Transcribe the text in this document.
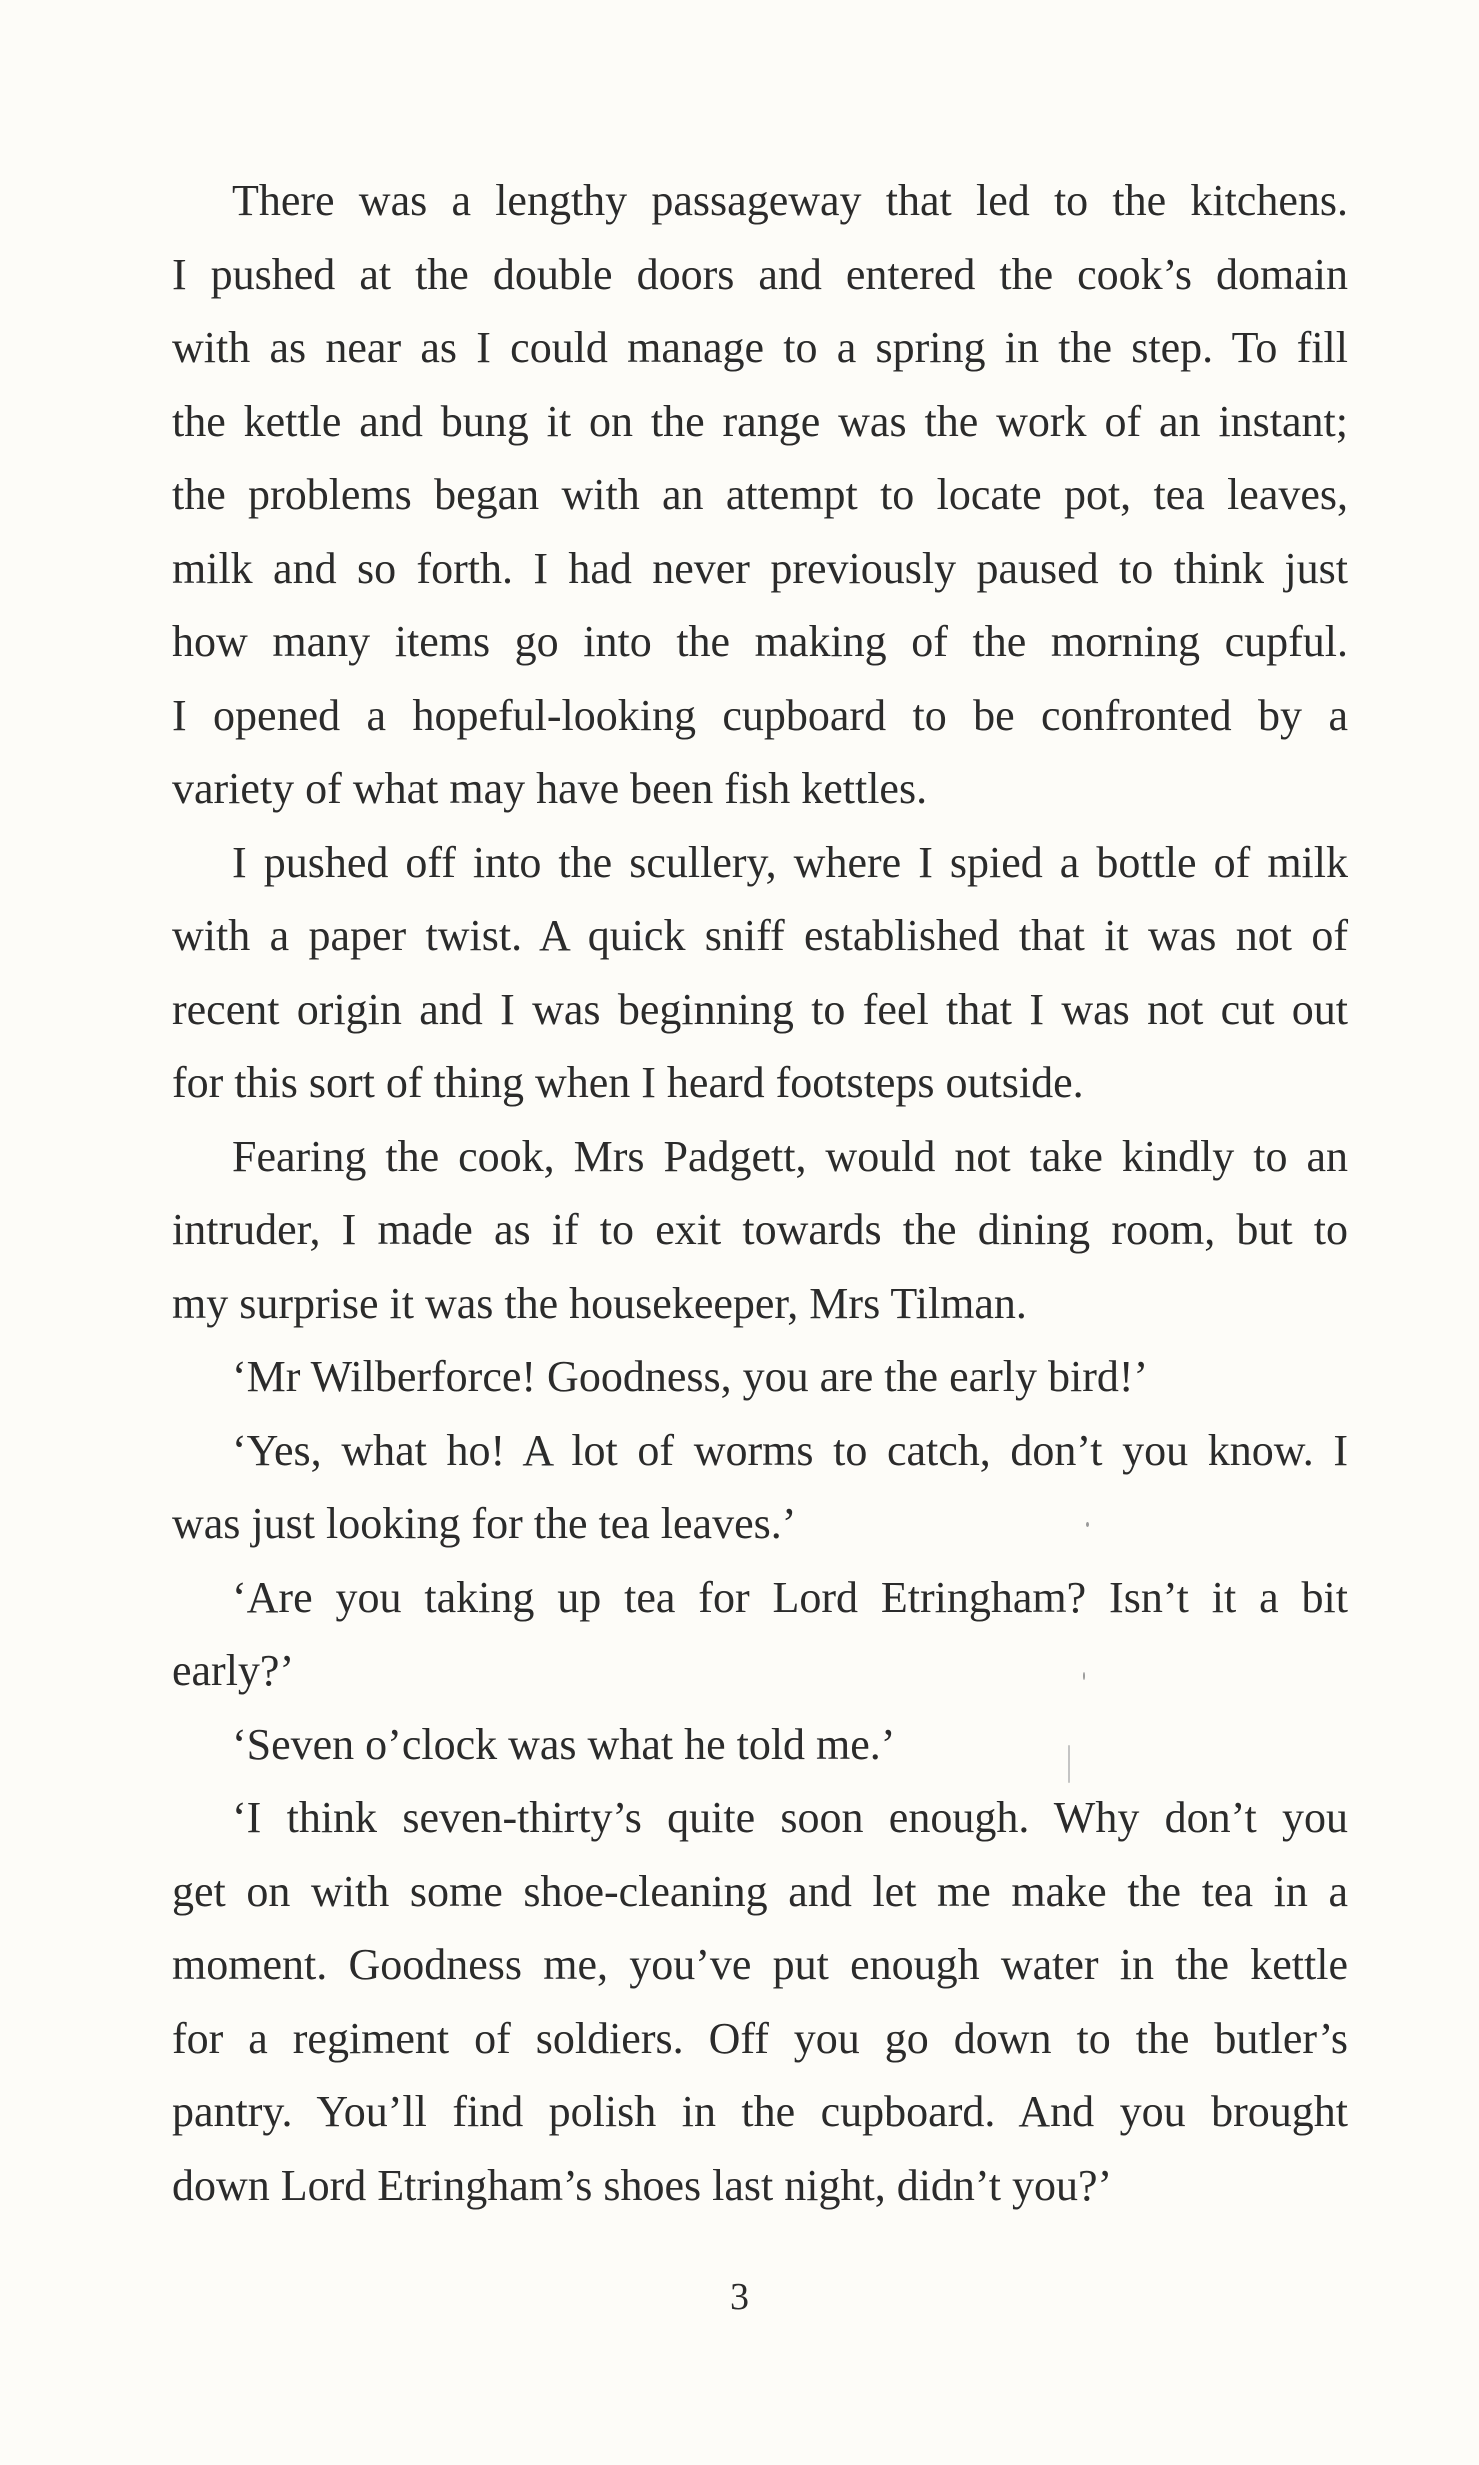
There was a lengthy passageway that led to the kitchens.
I pushed at the double doors and entered the cook’s domain
with as near as I could manage to a spring in the step. To fill
the kettle and bung it on the range was the work of an instant;
the problems began with an attempt to locate pot, tea leaves,
milk and so forth. I had never previously paused to think just
how many items go into the making of the morning cupful.
I opened a hopeful-looking cupboard to be confronted by a
variety of what may have been fish kettles.
I pushed off into the scullery, where I spied a bottle of milk
with a paper twist. A quick sniff established that it was not of
recent origin and I was beginning to feel that I was not cut out
for this sort of thing when I heard footsteps outside.
Fearing the cook, Mrs Padgett, would not take kindly to an
intruder, I made as if to exit towards the dining room, but to
my surprise it was the housekeeper, Mrs Tilman.
‘Mr Wilberforce! Goodness, you are the early bird!’
‘Yes, what ho! A lot of worms to catch, don’t you know. I
was just looking for the tea leaves.’
‘Are you taking up tea for Lord Etringham? Isn’t it a bit
early?’
‘Seven o’clock was what he told me.’
‘I think seven-thirty’s quite soon enough. Why don’t you
get on with some shoe-cleaning and let me make the tea in a
moment. Goodness me, you’ve put enough water in the kettle
for a regiment of soldiers. Off you go down to the butler’s
pantry. You’ll find polish in the cupboard. And you brought
down Lord Etringham’s shoes last night, didn’t you?’
3
